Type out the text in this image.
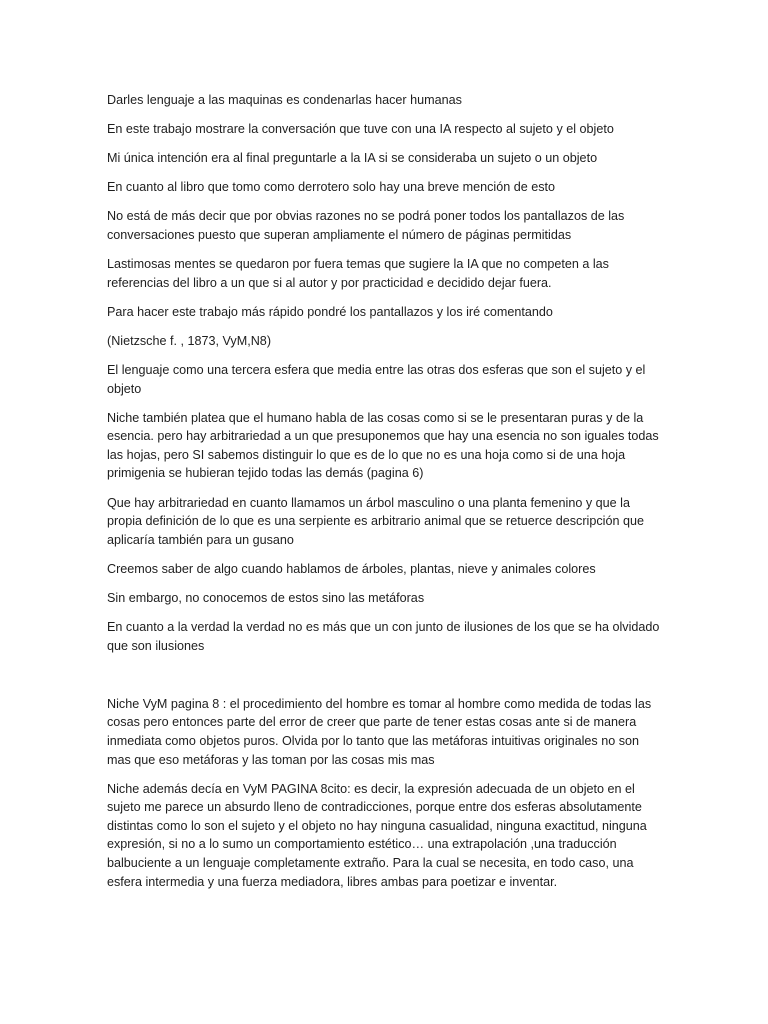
Darles lenguaje a las maquinas es condenarlas hacer humanas

En este trabajo mostrare la conversación que tuve con una IA respecto al sujeto y el objeto

Mi única intención era al final preguntarle a la IA si se consideraba un sujeto o un objeto

En cuanto al libro que tomo como derrotero solo hay una breve mención de esto

No está de más decir que por obvias razones no se podrá poner todos los pantallazos de las conversaciones puesto que superan ampliamente el número de páginas permitidas

Lastimosas mentes se quedaron por fuera temas que sugiere la IA que no competen a las referencias del libro a un que si al autor y por practicidad e decidido dejar fuera.

Para hacer este trabajo más rápido pondré los pantallazos y los iré comentando

(Nietzsche f. , 1873, VyM,N8)

El lenguaje como una tercera esfera que media entre las otras dos esferas que son el sujeto y el objeto

Niche también platea que el humano habla de las cosas como si se le presentaran puras y de la esencia. pero hay arbitrariedad a un que presuponemos que hay una esencia no son iguales todas las hojas, pero SI sabemos distinguir lo que es de lo que no es una hoja como si de una hoja primigenia se hubieran tejido todas las demás (pagina 6)

Que hay arbitrariedad en cuanto llamamos un árbol masculino o una planta femenino y que la propia definición de lo que es una serpiente es arbitrario animal que se retuerce descripción que aplicaría también para un gusano

Creemos saber de algo cuando hablamos de árboles, plantas, nieve y animales colores

Sin embargo, no conocemos de estos sino las metáforas

En cuanto a la verdad la verdad no es más que un con junto de ilusiones de los que se ha olvidado que son ilusiones

Niche VyM pagina 8 : el procedimiento del hombre es tomar al hombre como medida de todas las cosas pero entonces parte del error de creer que parte de tener estas cosas ante si de manera inmediata como objetos puros. Olvida por lo tanto que las metáforas intuitivas originales no son mas que eso metáforas y las toman por las cosas mis mas

Niche además decía en VyM PAGINA 8cito: es decir, la expresión adecuada de un objeto en el sujeto me parece un absurdo lleno de contradicciones, porque entre dos esferas absolutamente distintas como lo son el sujeto y el objeto no hay ninguna casualidad, ninguna exactitud, ninguna expresión, si no a lo sumo un comportamiento estético… una extrapolación ,una traducción balbuciente a un lenguaje completamente extraño. Para la cual se necesita, en todo caso, una esfera intermedia y una fuerza mediadora, libres ambas para poetizar e inventar.
